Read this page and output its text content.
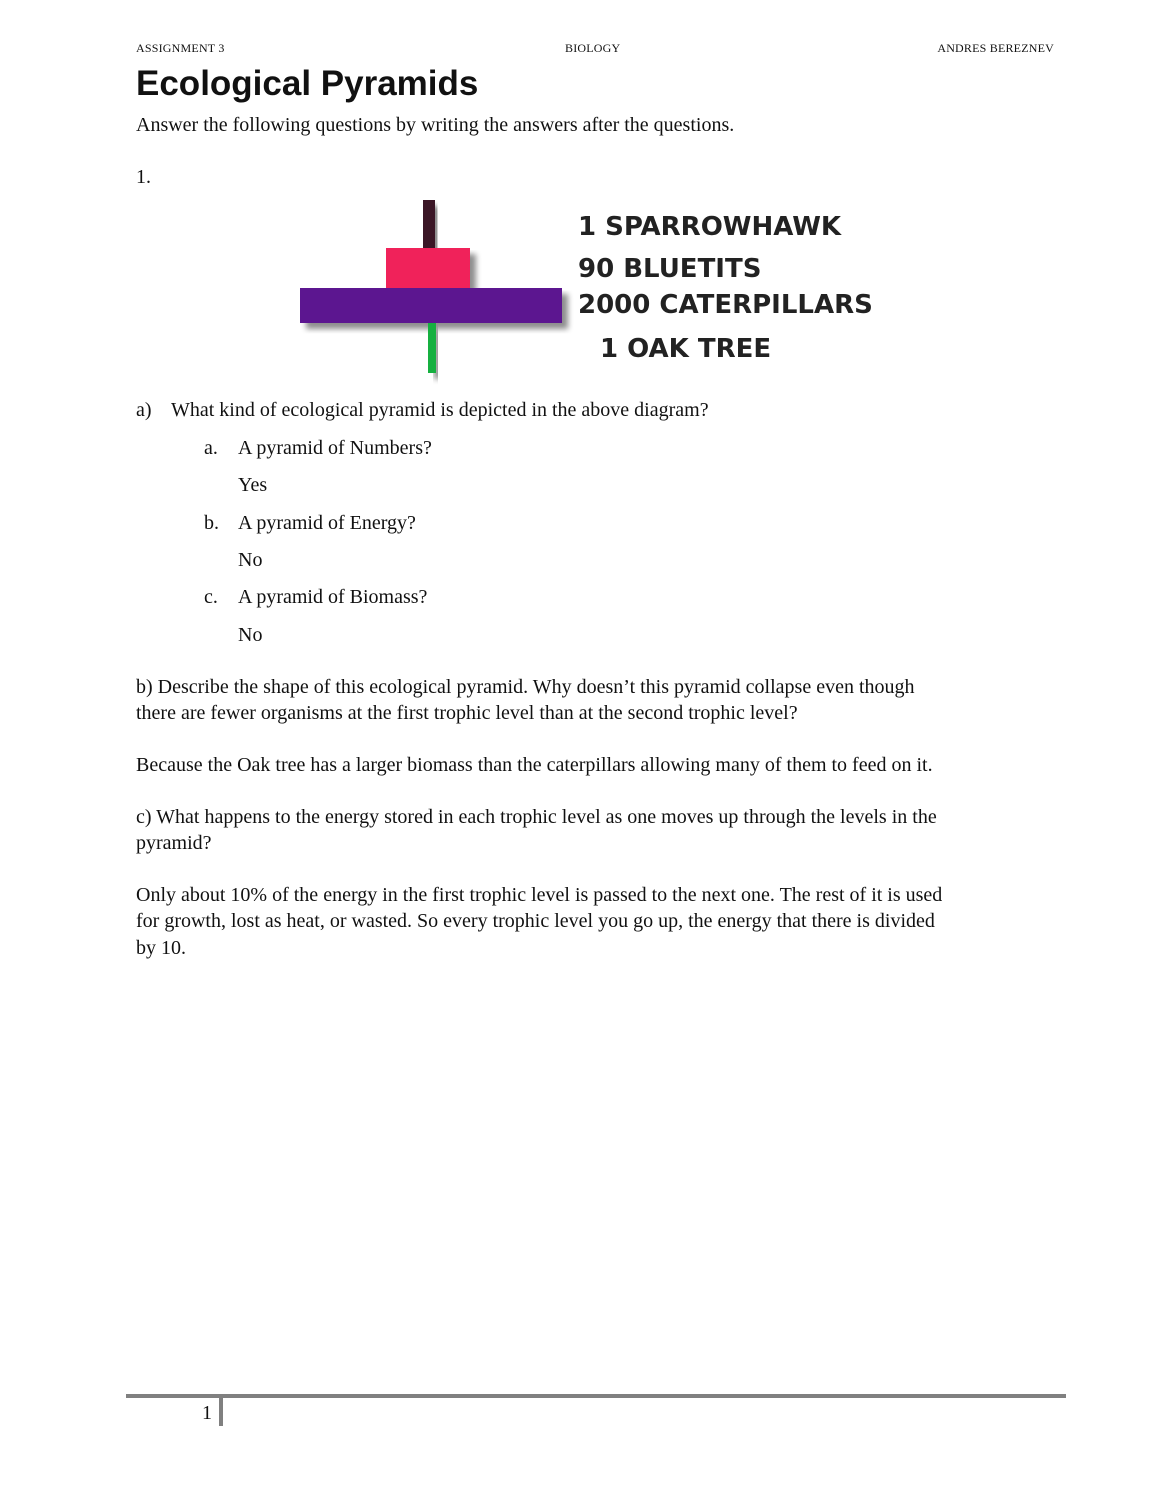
ASSIGNMENT 3	BIOLOGY	ANDRES BEREZNEV
Ecological Pyramids
Answer the following questions by writing the answers after the questions.
1.
1 SPARROWHAWK
90 BLUETITS
2000 CATERPILLARS
1 OAK TREE
a) What kind of ecological pyramid is depicted in the above diagram?
a. A pyramid of Numbers?
Yes
b. A pyramid of Energy?
No
c. A pyramid of Biomass?
No
b) Describe the shape of this ecological pyramid. Why doesn’t this pyramid collapse even though
there are fewer organisms at the first trophic level than at the second trophic level?
Because the Oak tree has a larger biomass than the caterpillars allowing many of them to feed on it.
c) What happens to the energy stored in each trophic level as one moves up through the levels in the
pyramid?
Only about 10% of the energy in the first trophic level is passed to the next one. The rest of it is used
for growth, lost as heat, or wasted. So every trophic level you go up, the energy that there is divided
by 10.
1
